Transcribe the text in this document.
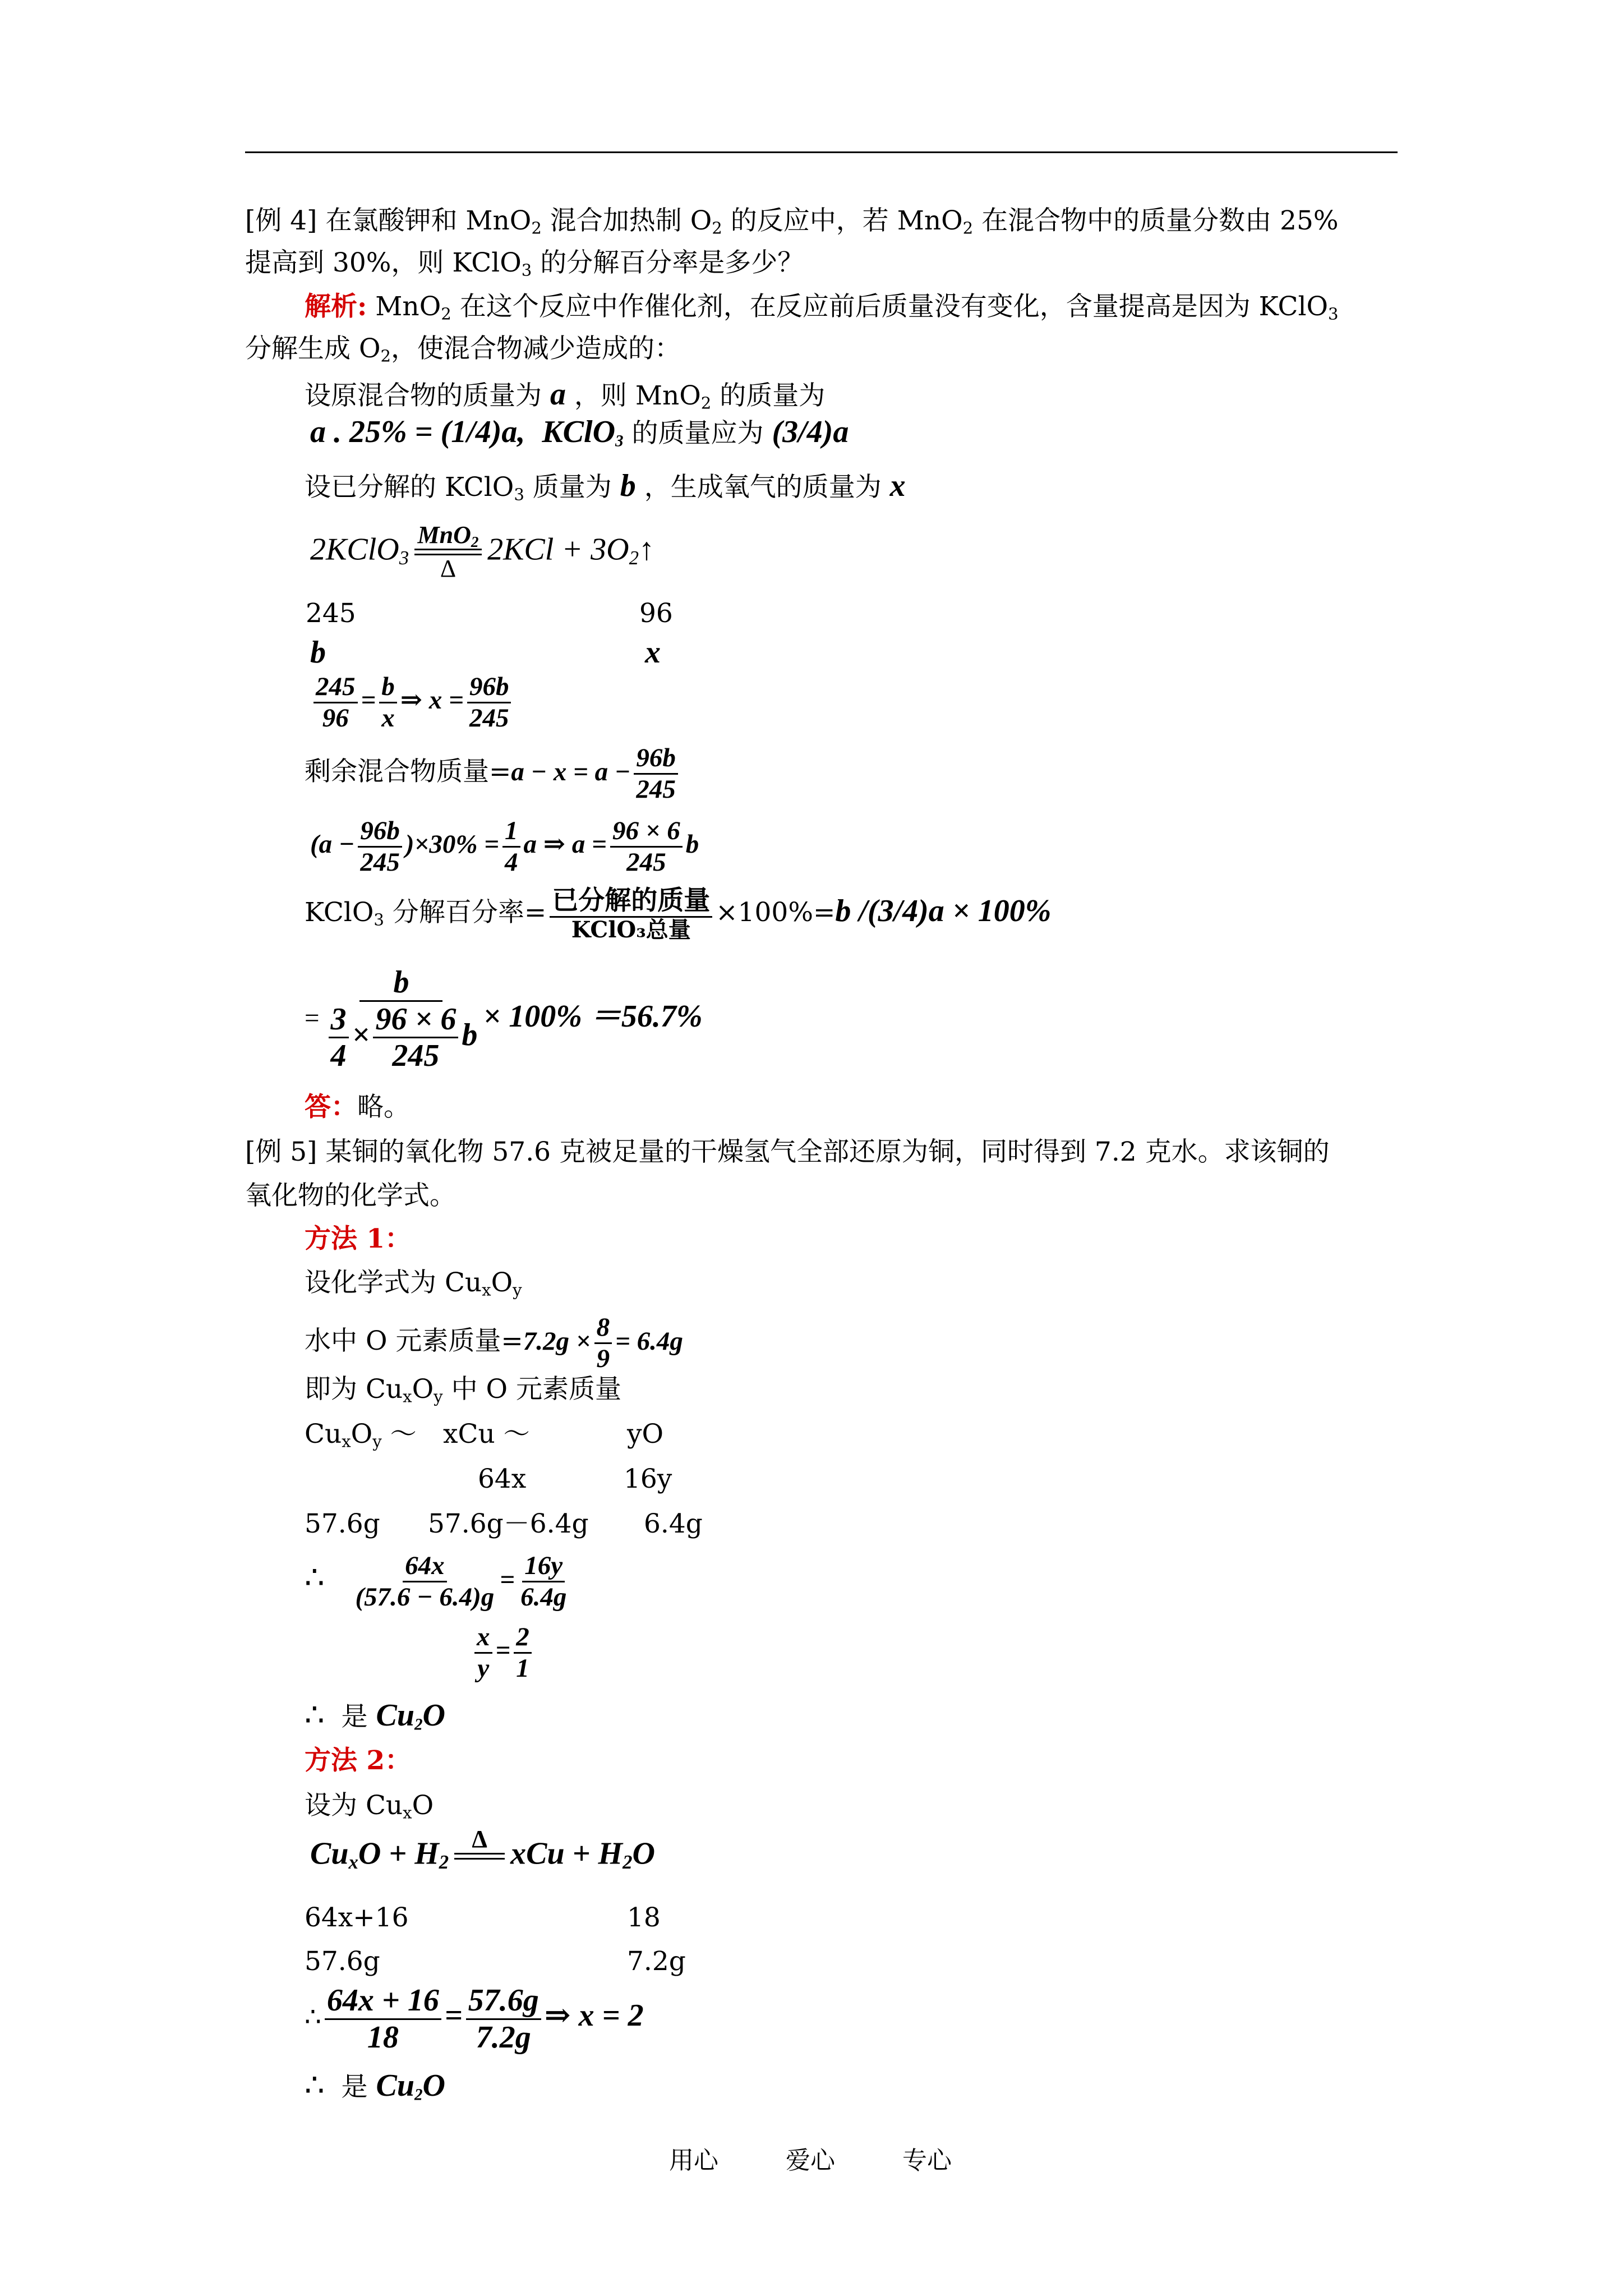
[例 4] 在氯酸钾和 MnO$_2$ 混合加热制 $O_2$ 的反应中，若 MnO$_2$ 在混合物中的质量分数由 25%
提高到 30%，则 KClO$_3$ 的分解百分率是多少？
解析: MnO$_2$ 在这个反应中作催化剂，在反应前后质量没有变化，含量提高是因为 KClO$_3$
分解生成 $O_2$，使混合物减少造成的：
设原混合物的质量为 a ，则 MnO$_2$ 的质量为
a . 25% = (1/4)a, KClO$_3$ 的质量应为 (3/4)a
设已分解的 KClO$_3$ 质量为 b ，生成氧气的质量为 x
2KClO$_3$
MnO$_2$
Δ
$2KCl + 3O_2↑$
245	96
b	x
$\frac{245}{96} = \frac{b}{x}$ ⇒ $x = \frac{96b}{245}$
剩余混合物质量$=a - x = a - \frac{96b}{245}$
$(a - \frac{96b}{245} )\times 30\% = \frac{1}{4}$ a ⇒ $a = \frac{96 \times 6}{245}$ b
KClO$_3$ 分解百分率= $\frac{\text{已分解的质量}}{\text{KClO₃总量}} \times 100\%=b$ /(3/4)a × 100%
= $\frac{b}{\frac{3}{4} \times \frac{96 \times 6}{245} b} \times 100\% =56.7\%$
答：略。
[例 5] 某铜的氧化物 57.6 克被足量的干燥氢气全部还原为铜，同时得到 7.2 克水。求该铜的
氧化物的化学式。
方法 1：
设化学式为 $Cu_xO_y$
水中 O 元素质量$=7.2g \times \frac{8}{9} = 6.4g$
即为 $Cu_xO_y$ 中 O 元素质量
$Cu_xO_y$ ～ xCu ～	yO
64x	16y
57.6g 57.6g－6.4g 6.4g
∴ $\frac{64x}{(57.6 - 6.4)g} = \frac{16y}{6.4g}$
$\frac{x}{y} = \frac{2}{1}$
∴ 是 $Cu_2O$
方法 2：
设为 $Cu_xO$
$Cu_xO + H_2$
Δ
xCu + $H_2O$
64x+16	18
57.6g	7.2g
∴ $\frac{64x + 16}{18} = \frac{57.6g}{7.2g}$ ⇒ x = 2
∴ 是 $Cu_2O$
用心	爱心	专心
